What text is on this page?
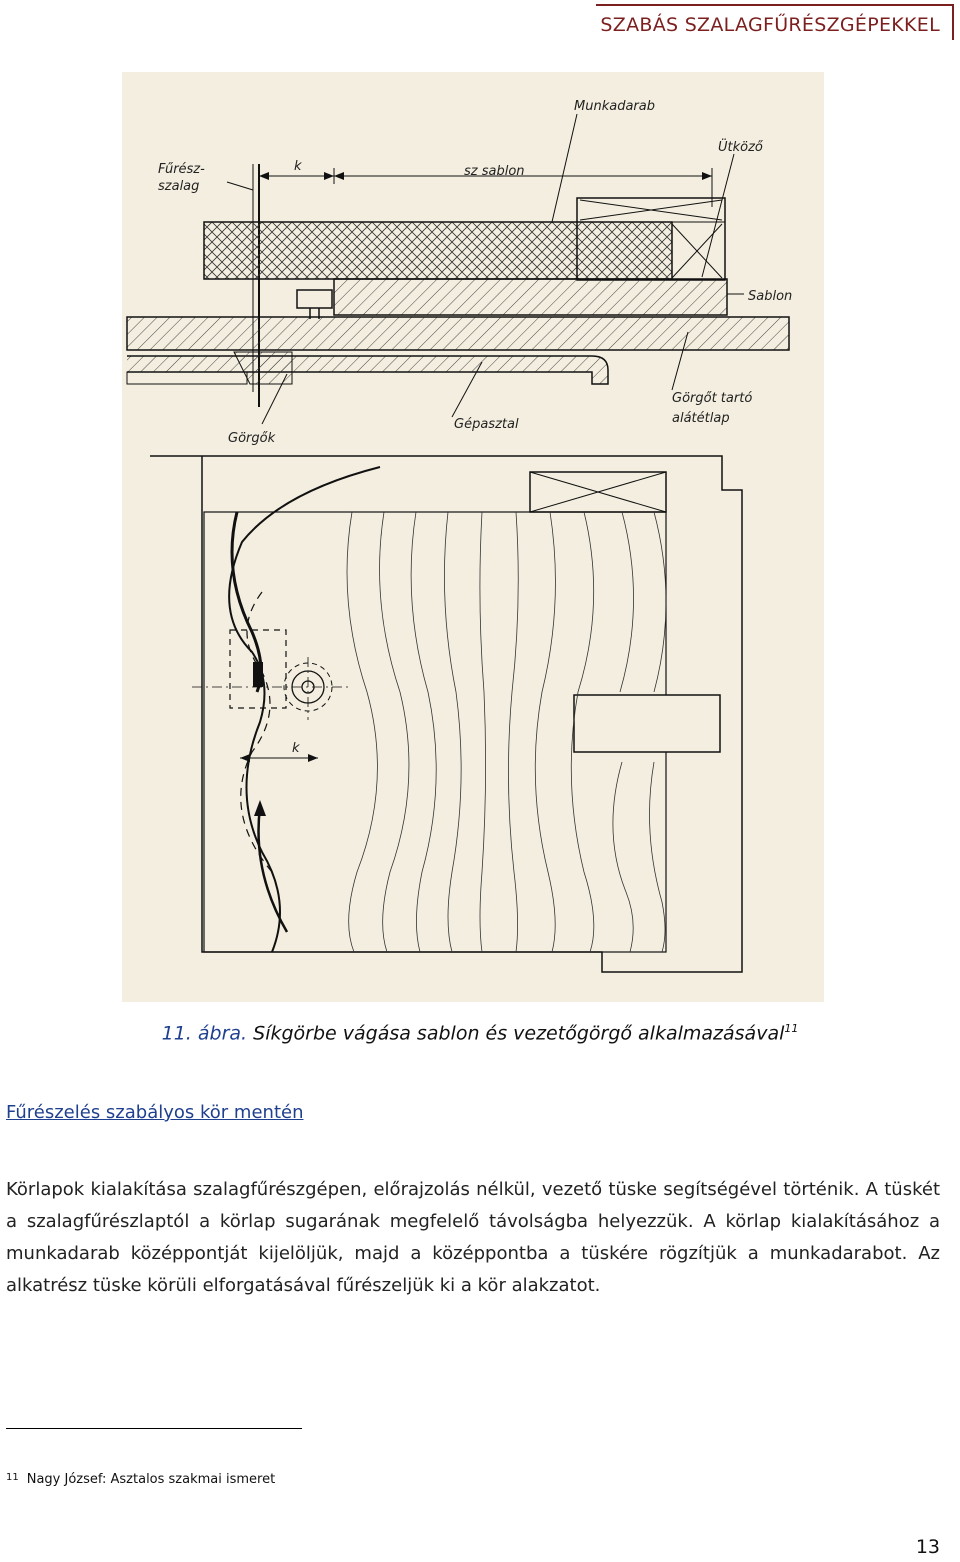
SZABÁS SZALAGFŰRÉSZGÉPEKKEL
Fűrész-
szalag
k	sz sablon
Munkadarab
Ütköző
Sablon
Görgők
Gépasztal
Görgőt tartó
alátétlap
k
11. ábra. Síkgörbe vágása sablon és vezetőgörgő alkalmazásával$^{11}$
Fűrészelés szabályos kör mentén

Körlapok kialakítása szalagfűrészgépen, előrajzolás nélkül, vezető tüske segítségével történik. A tüskét a szalagfűrészlaptól a körlap sugarának megfelelő távolságba helyezzük. A körlap kialakításához a munkadarab középpontját kijelöljük, majd a középpontba a tüskére rögzítjük a munkadarabot. Az alkatrész tüske körüli elforgatásával fűrészeljük ki a kör alakzatot.

$^{11}$ Nagy József: Asztalos szakmai ismeret
13
